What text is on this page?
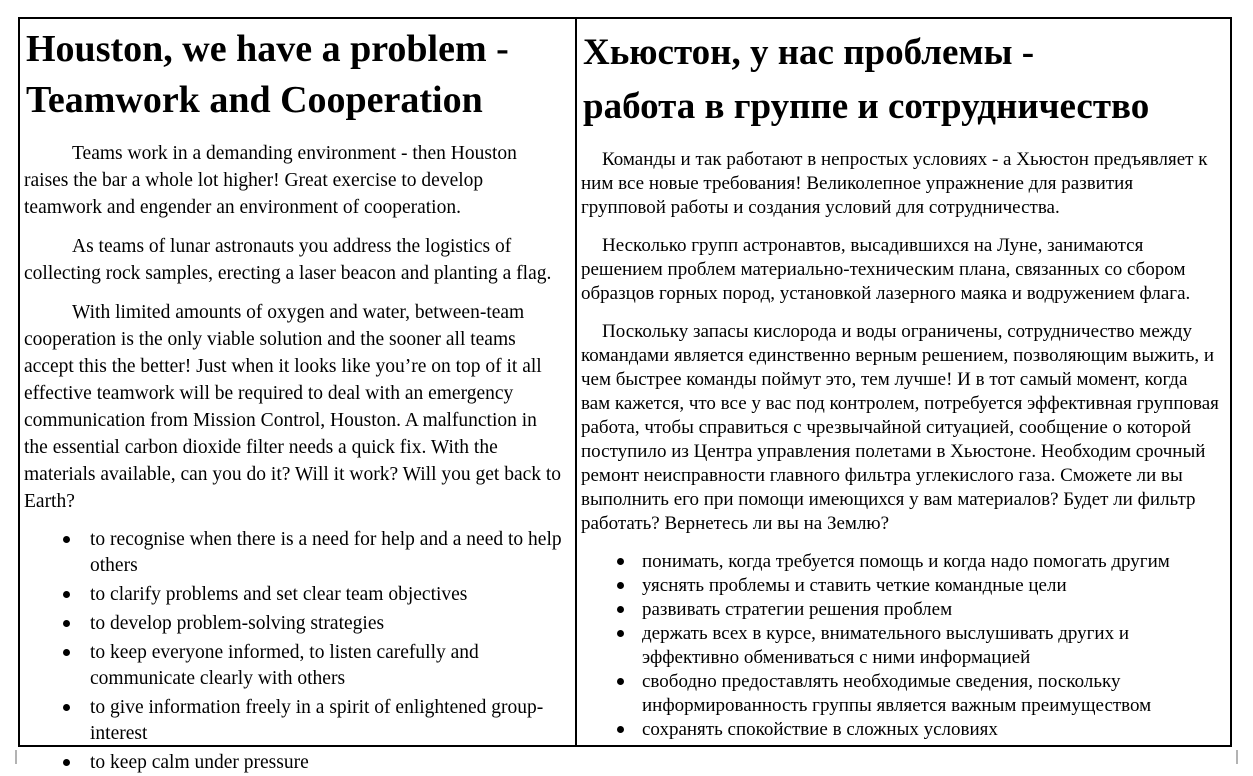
Houston, we have a problem -
Teamwork and Cooperation

Teams work in a demanding environment - then Houston raises the bar a whole lot higher! Great exercise to develop teamwork and engender an environment of cooperation.

As teams of lunar astronauts you address the logistics of collecting rock samples, erecting a laser beacon and planting a flag.

With limited amounts of oxygen and water, between-team cooperation is the only viable solution and the sooner all teams accept this the better! Just when it looks like you’re on top of it all effective teamwork will be required to deal with an emergency communication from Mission Control, Houston. A malfunction in the essential carbon dioxide filter needs a quick fix. With the materials available, can you do it? Will it work? Will you get back to Earth?

to recognise when there is a need for help and a need to help others
to clarify problems and set clear team objectives
to develop problem-solving strategies
to keep everyone informed, to listen carefully and communicate clearly with others
to give information freely in a spirit of enlightened group-interest
to keep calm under pressure
Хьюстон, у нас проблемы -
работа в группе и сотрудничество

Команды и так работают в непростых условиях - а Хьюстон предъявляет к ним все новые требования! Великолепное упражнение для развития групповой работы и создания условий для сотрудничества.

Несколько групп астронавтов, высадившихся на Луне, занимаются решением проблем материально-техническим плана, связанных со сбором образцов горных пород, установкой лазерного маяка и водружением флага.

Поскольку запасы кислорода и воды ограничены, сотрудничество между командами является единственно верным решением, позволяющим выжить, и чем быстрее команды поймут это, тем лучше! И в тот самый момент, когда вам кажется, что все у вас под контролем, потребуется эффективная групповая работа, чтобы справиться с чрезвычайной ситуацией, сообщение о которой поступило из Центра управления полетами в Хьюстоне. Необходим срочный ремонт неисправности главного фильтра углекислого газа. Сможете ли вы выполнить его при помощи имеющихся у вам материалов? Будет ли фильтр работать? Вернетесь ли вы на Землю?

понимать, когда требуется помощь и когда надо помогать другим
уяснять проблемы и ставить четкие командные цели
развивать стратегии решения проблем
держать всех в курсе, внимательного выслушивать других и эффективно обмениваться с ними информацией
свободно предоставлять необходимые сведения, поскольку информированность группы является важным преимуществом
сохранять спокойствие в сложных условиях
